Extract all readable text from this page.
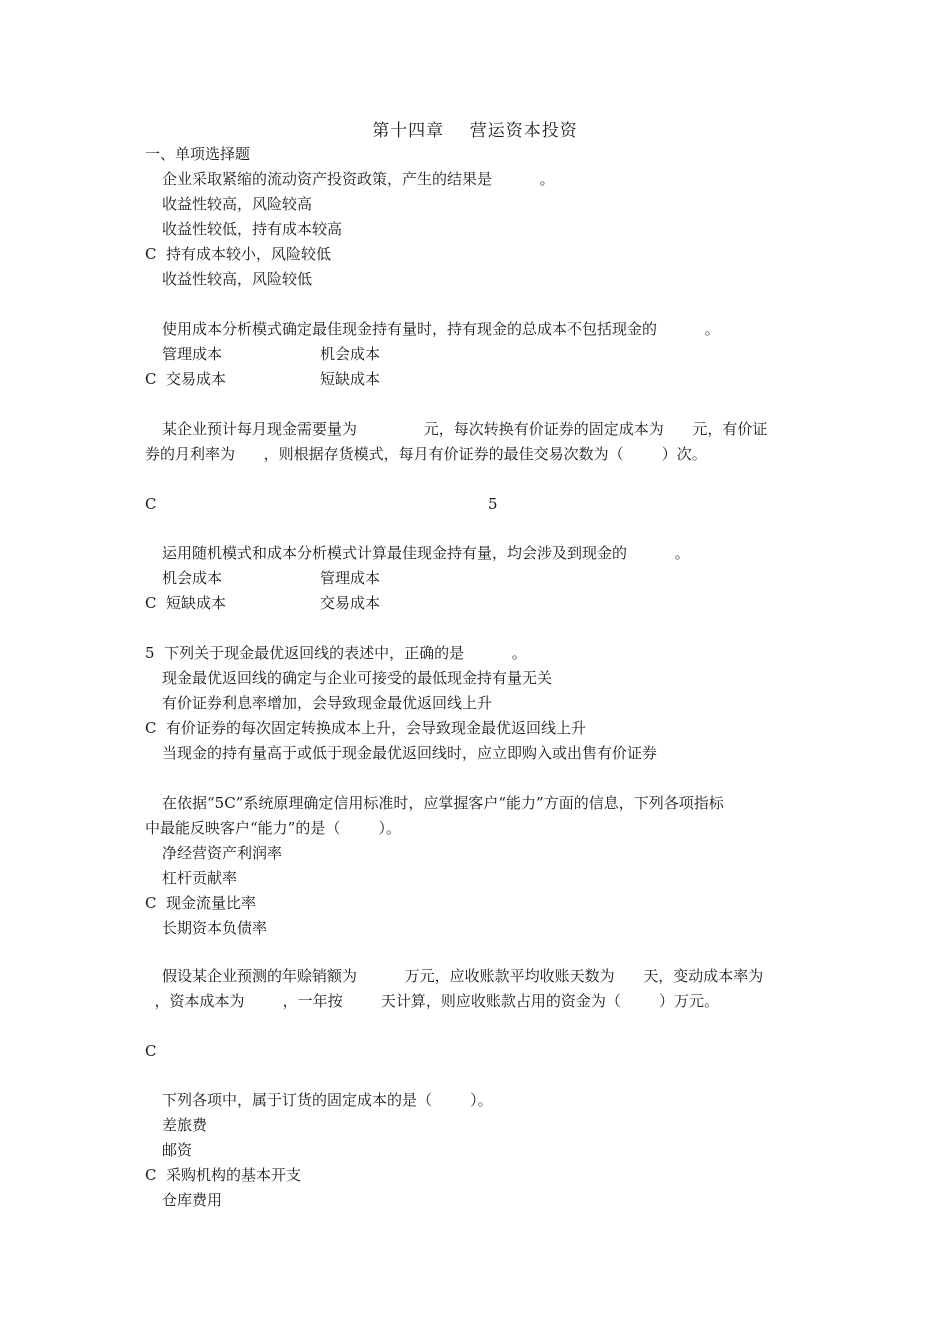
第十四章    营运资本投资
一、单项选择题
企业采取紧缩的流动资产投资政策，产生的结果是          。
收益性较高，风险较高
收益性较低，持有成本较高
C  持有成本较小，风险较低
收益性较高，风险较低
使用成本分析模式确定最佳现金持有量时，持有现金的总成本不包括现金的          。
管理成本	机会成本
C  交易成本	短缺成本
某企业预计每月现金需要量为              元，每次转换有价证券的固定成本为      元，有价证
券的月利率为      ，则根据存货模式，每月有价证券的最佳交易次数为（        ）次。
C	5
运用随机模式和成本分析模式计算最佳现金持有量，均会涉及到现金的          。
机会成本	管理成本
C  短缺成本	交易成本
5  下列关于现金最优返回线的表述中，正确的是          。
现金最优返回线的确定与企业可接受的最低现金持有量无关
有价证券利息率增加，会导致现金最优返回线上升
C  有价证券的每次固定转换成本上升，会导致现金最优返回线上升
当现金的持有量高于或低于现金最优返回线时，应立即购入或出售有价证券
在依据“5C”系统原理确定信用标准时，应掌握客户“能力”方面的信息，下列各项指标
中最能反映客户“能力”的是（        ）。
净经营资产利润率
杠杆贡献率
C  现金流量比率
长期资本负债率
假设某企业预测的年赊销额为          万元，应收账款平均收账天数为      天，变动成本率为
，资本成本为        ，一年按        天计算，则应收账款占用的资金为（        ）万元。
C
下列各项中，属于订货的固定成本的是（        ）。
差旅费
邮资
C  采购机构的基本开支
仓库费用
